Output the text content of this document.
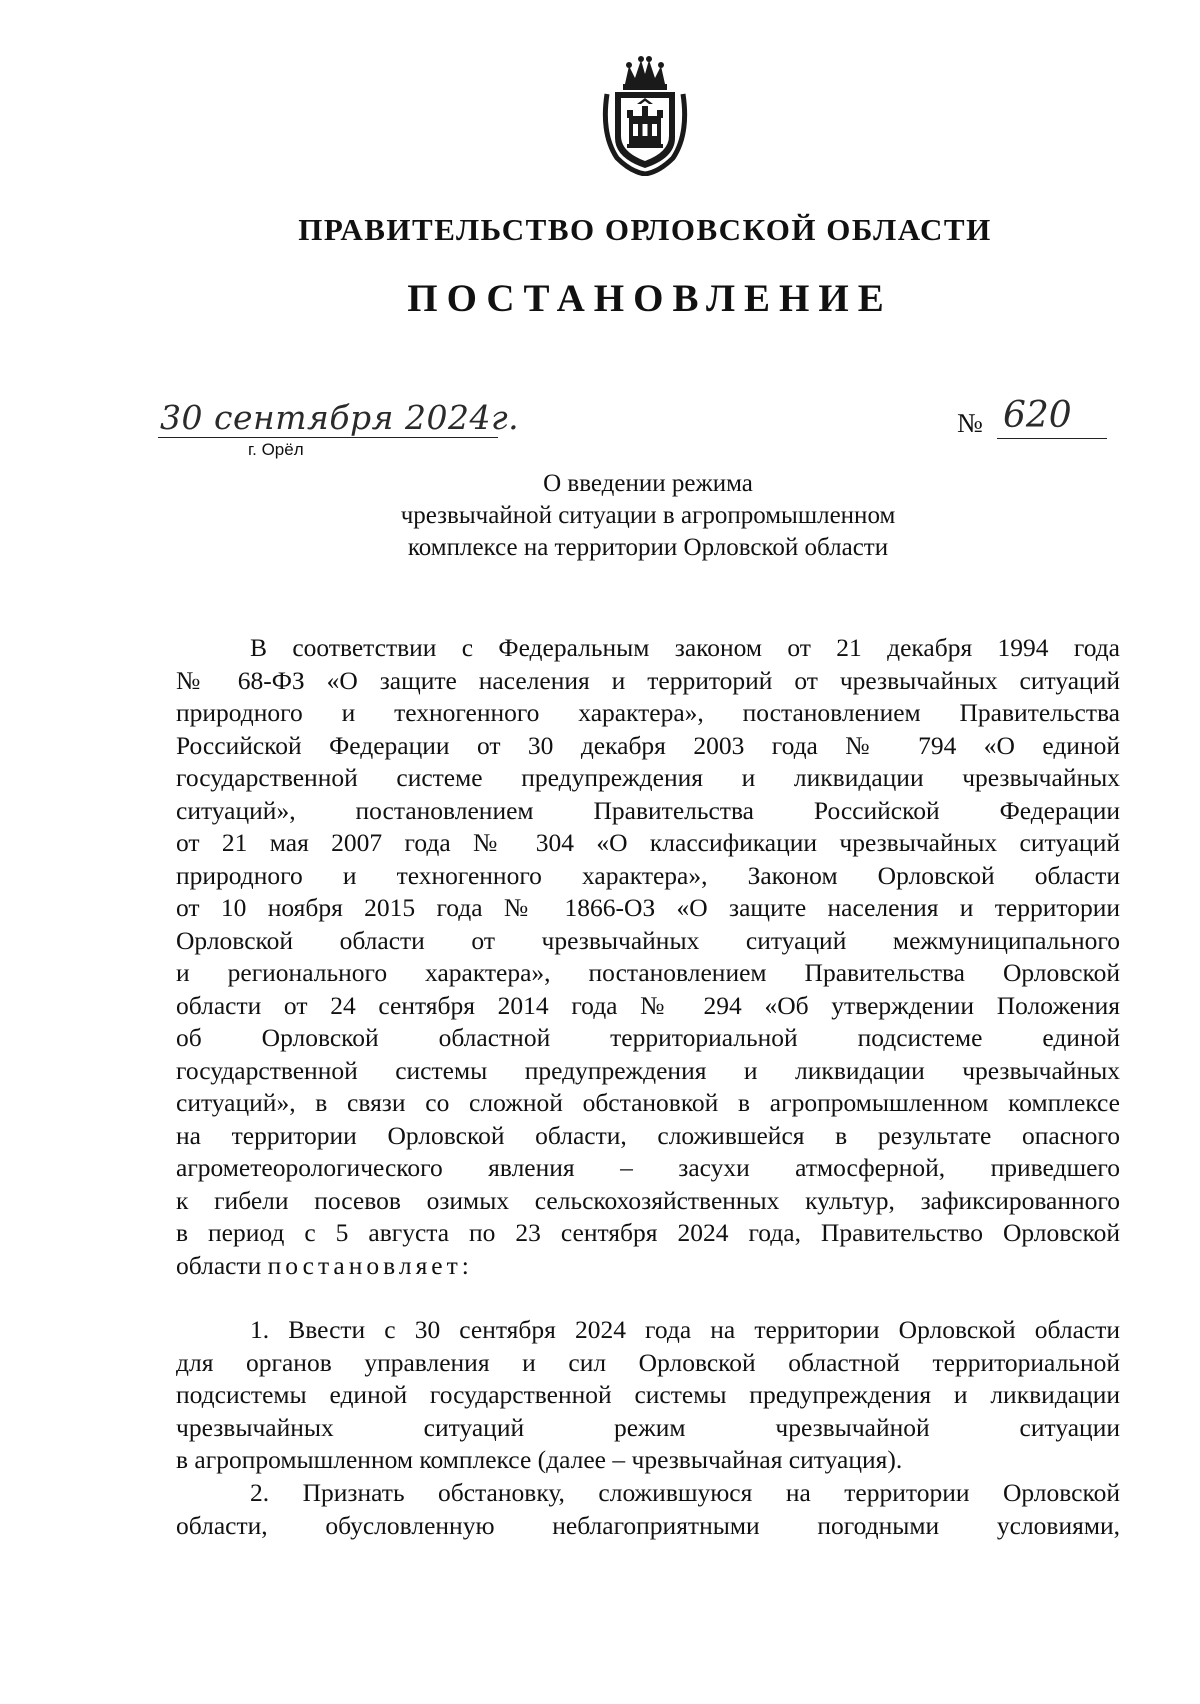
ПРАВИТЕЛЬСТВО ОРЛОВСКОЙ ОБЛАСТИ
ПОСТАНОВЛЕНИЕ
30 сентября 2024г.
г. Орёл
№ 620
О введении режима
чрезвычайной ситуации в агропромышленном
комплексе на территории Орловской области
В соответствии с Федеральным законом от 21 декабря 1994 года
№ 68-ФЗ «О защите населения и территорий от чрезвычайных ситуаций
природного и техногенного характера», постановлением Правительства
Российской Федерации от 30 декабря 2003 года № 794 «О единой
государственной системе предупреждения и ликвидации чрезвычайных
ситуаций», постановлением Правительства Российской Федерации
от 21 мая 2007 года № 304 «О классификации чрезвычайных ситуаций
природного и техногенного характера», Законом Орловской области
от 10 ноября 2015 года № 1866-ОЗ «О защите населения и территории
Орловской области от чрезвычайных ситуаций межмуниципального
и регионального характера», постановлением Правительства Орловской
области от 24 сентября 2014 года № 294 «Об утверждении Положения
об Орловской областной территориальной подсистеме единой
государственной системы предупреждения и ликвидации чрезвычайных
ситуаций», в связи со сложной обстановкой в агропромышленном комплексе
на территории Орловской области, сложившейся в результате опасного
агрометеорологического явления – засухи атмосферной, приведшего
к гибели посевов озимых сельскохозяйственных культур, зафиксированного
в период с 5 августа по 23 сентября 2024 года, Правительство Орловской
области постановляет:
1. Ввести с 30 сентября 2024 года на территории Орловской области
для органов управления и сил Орловской областной территориальной
подсистемы единой государственной системы предупреждения и ликвидации
чрезвычайных ситуаций режим чрезвычайной ситуации
в агропромышленном комплексе (далее – чрезвычайная ситуация).
2. Признать обстановку, сложившуюся на территории Орловской
области, обусловленную неблагоприятными погодными условиями,
